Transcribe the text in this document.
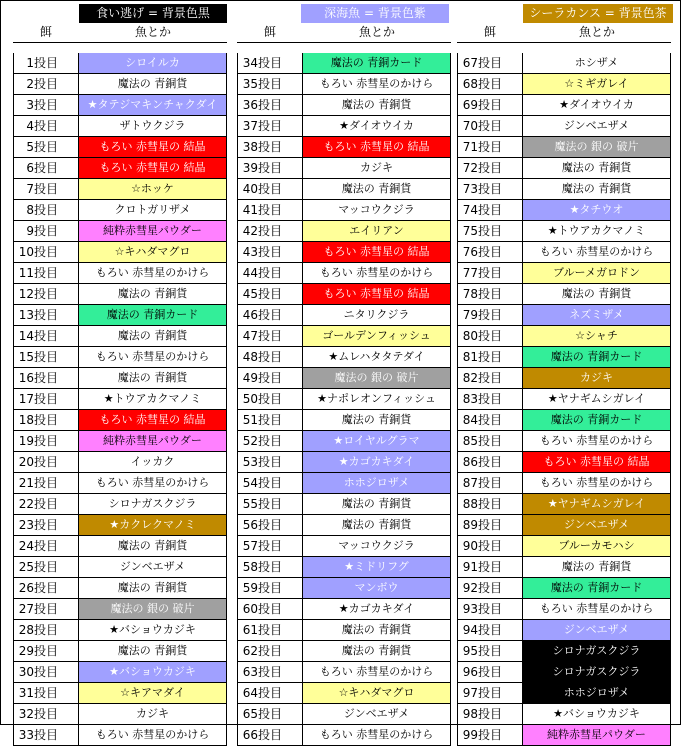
食い逃げ = 背景色黒	深海魚 = 背景色紫	シーラカンス = 背景色茶
餌	魚とか	餌	魚とか	餌	魚とか
1投目	シロイルカ
2投目	魔法の 青銅貨
3投目	★タテジマキンチャクダイ
4投目	ザトウクジラ
5投目	もろい 赤彗星の 結晶
6投目	もろい 赤彗星の 結晶
7投目	☆ホッケ
8投目	クロトガリザメ
9投目	純粋赤彗星パウダー
10投目	☆キハダマグロ
11投目	もろい 赤彗星のかけら
12投目	魔法の 青銅貨
13投目	魔法の 青銅カード
14投目	魔法の 青銅貨
15投目	もろい 赤彗星のかけら
16投目	魔法の 青銅貨
17投目	★トウアカクマノミ
18投目	もろい 赤彗星の 結晶
19投目	純粋赤彗星パウダー
20投目	イッカク
21投目	もろい 赤彗星のかけら
22投目	シロナガスクジラ
23投目	★カクレクマノミ
24投目	魔法の 青銅貨
25投目	ジンベエザメ
26投目	魔法の 青銅貨
27投目	魔法の 銀の 破片
28投目	★バショウカジキ
29投目	魔法の 青銅貨
30投目	★バショウカジキ
31投目	☆キアマダイ
32投目	カジキ
33投目	もろい 赤彗星のかけら
34投目	魔法の 青銅カード
35投目	もろい 赤彗星のかけら
36投目	魔法の 青銅貨
37投目	★ダイオウイカ
38投目	もろい 赤彗星の 結晶
39投目	カジキ
40投目	魔法の 青銅貨
41投目	マッコウクジラ
42投目	エイリアン
43投目	もろい 赤彗星の 結晶
44投目	もろい 赤彗星のかけら
45投目	もろい 赤彗星の 結晶
46投目	ニタリクジラ
47投目	ゴールデンフィッシュ
48投目	★ムレハタタテダイ
49投目	魔法の 銀の 破片
50投目	★ナポレオンフィッシュ
51投目	魔法の 青銅貨
52投目	★ロイヤルグラマ
53投目	★カゴカキダイ
54投目	ホホジロザメ
55投目	魔法の 青銅貨
56投目	魔法の 青銅貨
57投目	マッコウクジラ
58投目	★ミドリフグ
59投目	マンボウ
60投目	★カゴカキダイ
61投目	魔法の 青銅貨
62投目	魔法の 青銅貨
63投目	もろい 赤彗星のかけら
64投目	☆キハダマグロ
65投目	ジンベエザメ
66投目	もろい 赤彗星のかけら
67投目	ホシザメ
68投目	☆ミギガレイ
69投目	★ダイオウイカ
70投目	ジンベエザメ
71投目	魔法の 銀の 破片
72投目	魔法の 青銅貨
73投目	魔法の 青銅貨
74投目	★タチウオ
75投目	★トウアカクマノミ
76投目	もろい 赤彗星のかけら
77投目	ブルーメガロドン
78投目	魔法の 青銅貨
79投目	ネズミザメ
80投目	☆シャチ
81投目	魔法の 青銅カード
82投目	カジキ
83投目	★ヤナギムシガレイ
84投目	魔法の 青銅カード
85投目	もろい 赤彗星のかけら
86投目	もろい 赤彗星の 結晶
87投目	もろい 赤彗星のかけら
88投目	★ヤナギムシガレイ
89投目	ジンベエザメ
90投目	ブルーカモハシ
91投目	魔法の 青銅貨
92投目	魔法の 青銅カード
93投目	もろい 赤彗星のかけら
94投目	ジンベエザメ
95投目	シロナガスクジラ
96投目	シロナガスクジラ
97投目	ホホジロザメ
98投目	★バショウカジキ
99投目	純粋赤彗星パウダー
